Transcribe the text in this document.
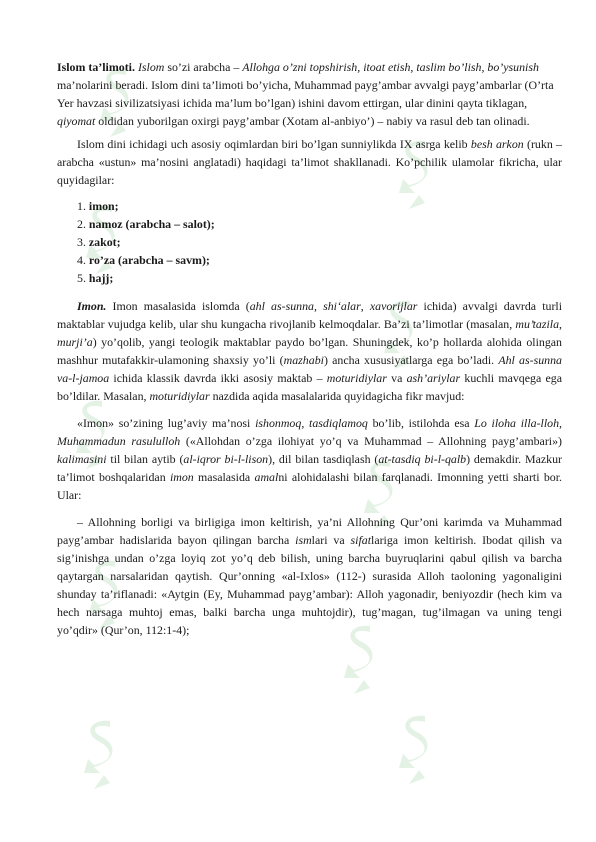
Islom ta’limoti. Islom so’zi arabcha – Allohga o’zni topshirish, itoat etish, taslim bo’lish, bo’ysunish ma’nolarini beradi. Islom dini ta’limoti bo’yicha, Muhammad payg’ambar avvalgi payg’ambarlar (O’rta Yer havzasi sivilizatsiyasi ichida ma’lum bo’lgan) ishini davom ettirgan, ular dinini qayta tiklagan, qiyomat oldidan yuborilgan oxirgi payg’ambar (Xotam al-anbiyo’) – nabiy va rasul deb tan olinadi.

Islom dini ichidagi uch asosiy oqimlardan biri bo’lgan sunniylikda IX asrga kelib besh arkon (rukn – arabcha «ustun» ma’nosini anglatadi) haqidagi ta’limot shakllanadi. Ko’pchilik ulamolar fikricha, ular quyidagilar:

1. imon;
2. namoz (arabcha – salot);
3. zakot;
4. ro’za (arabcha – savm);
5. hajj;

Imon. Imon masalasida islomda (ahl as-sunna, shi‘alar, xavorijlar ichida) avvalgi davrda turli maktablar vujudga kelib, ular shu kungacha rivojlanib kelmoqdalar. Ba’zi ta’limotlar (masalan, mu’tazila, murji’a) yo’qolib, yangi teologik maktablar paydo bo’lgan. Shuningdek, ko’p hollarda alohida olingan mashhur mutafakkir-ulamoning shaxsiy yo’li (mazhabi) ancha xususiyatlarga ega bo’ladi. Ahl as-sunna va-l-jamoa ichida klassik davrda ikki asosiy maktab – moturidiylar va ash’ariylar kuchli mavqega ega bo’ldilar. Masalan, moturidiylar nazdida aqida masalalarida quyidagicha fikr mavjud:

«Imon» so’zining lug’aviy ma’nosi ishonmoq, tasdiqlamoq bo’lib, istilohda esa Lo iloha illa-lloh, Muhammadun rasululloh («Allohdan o’zga ilohiyat yo’q va Muhammad – Allohning payg’ambari») kalimasini til bilan aytib (al-iqror bi-l-lison), dil bilan tasdiqlash (at-tasdiq bi-l-qalb) demakdir. Mazkur ta’limot boshqalaridan imon masalasida amalni alohidalashi bilan farqlanadi. Imonning yetti sharti bor. Ular:

– Allohning borligi va birligiga imon keltirish, ya’ni Allohning Qur’oni karimda va Muhammad payg’ambar hadislarida bayon qilingan barcha ismlari va sifatlariga imon keltirish. Ibodat qilish va sig’inishga undan o’zga loyiq zot yo’q deb bilish, uning barcha buyruqlarini qabul qilish va barcha qaytargan narsalaridan qaytish. Qur’onning «al-Ixlos» (112-) surasida Alloh taoloning yagonaligini shunday ta’riflanadi: «Aytgin (Ey, Muhammad payg’ambar): Alloh yagonadir, beniyozdir (hech kim va hech narsaga muhtoj emas, balki barcha unga muhtojdir), tug’magan, tug’ilmagan va uning tengi yo’qdir» (Qur’on, 112:1-4);
